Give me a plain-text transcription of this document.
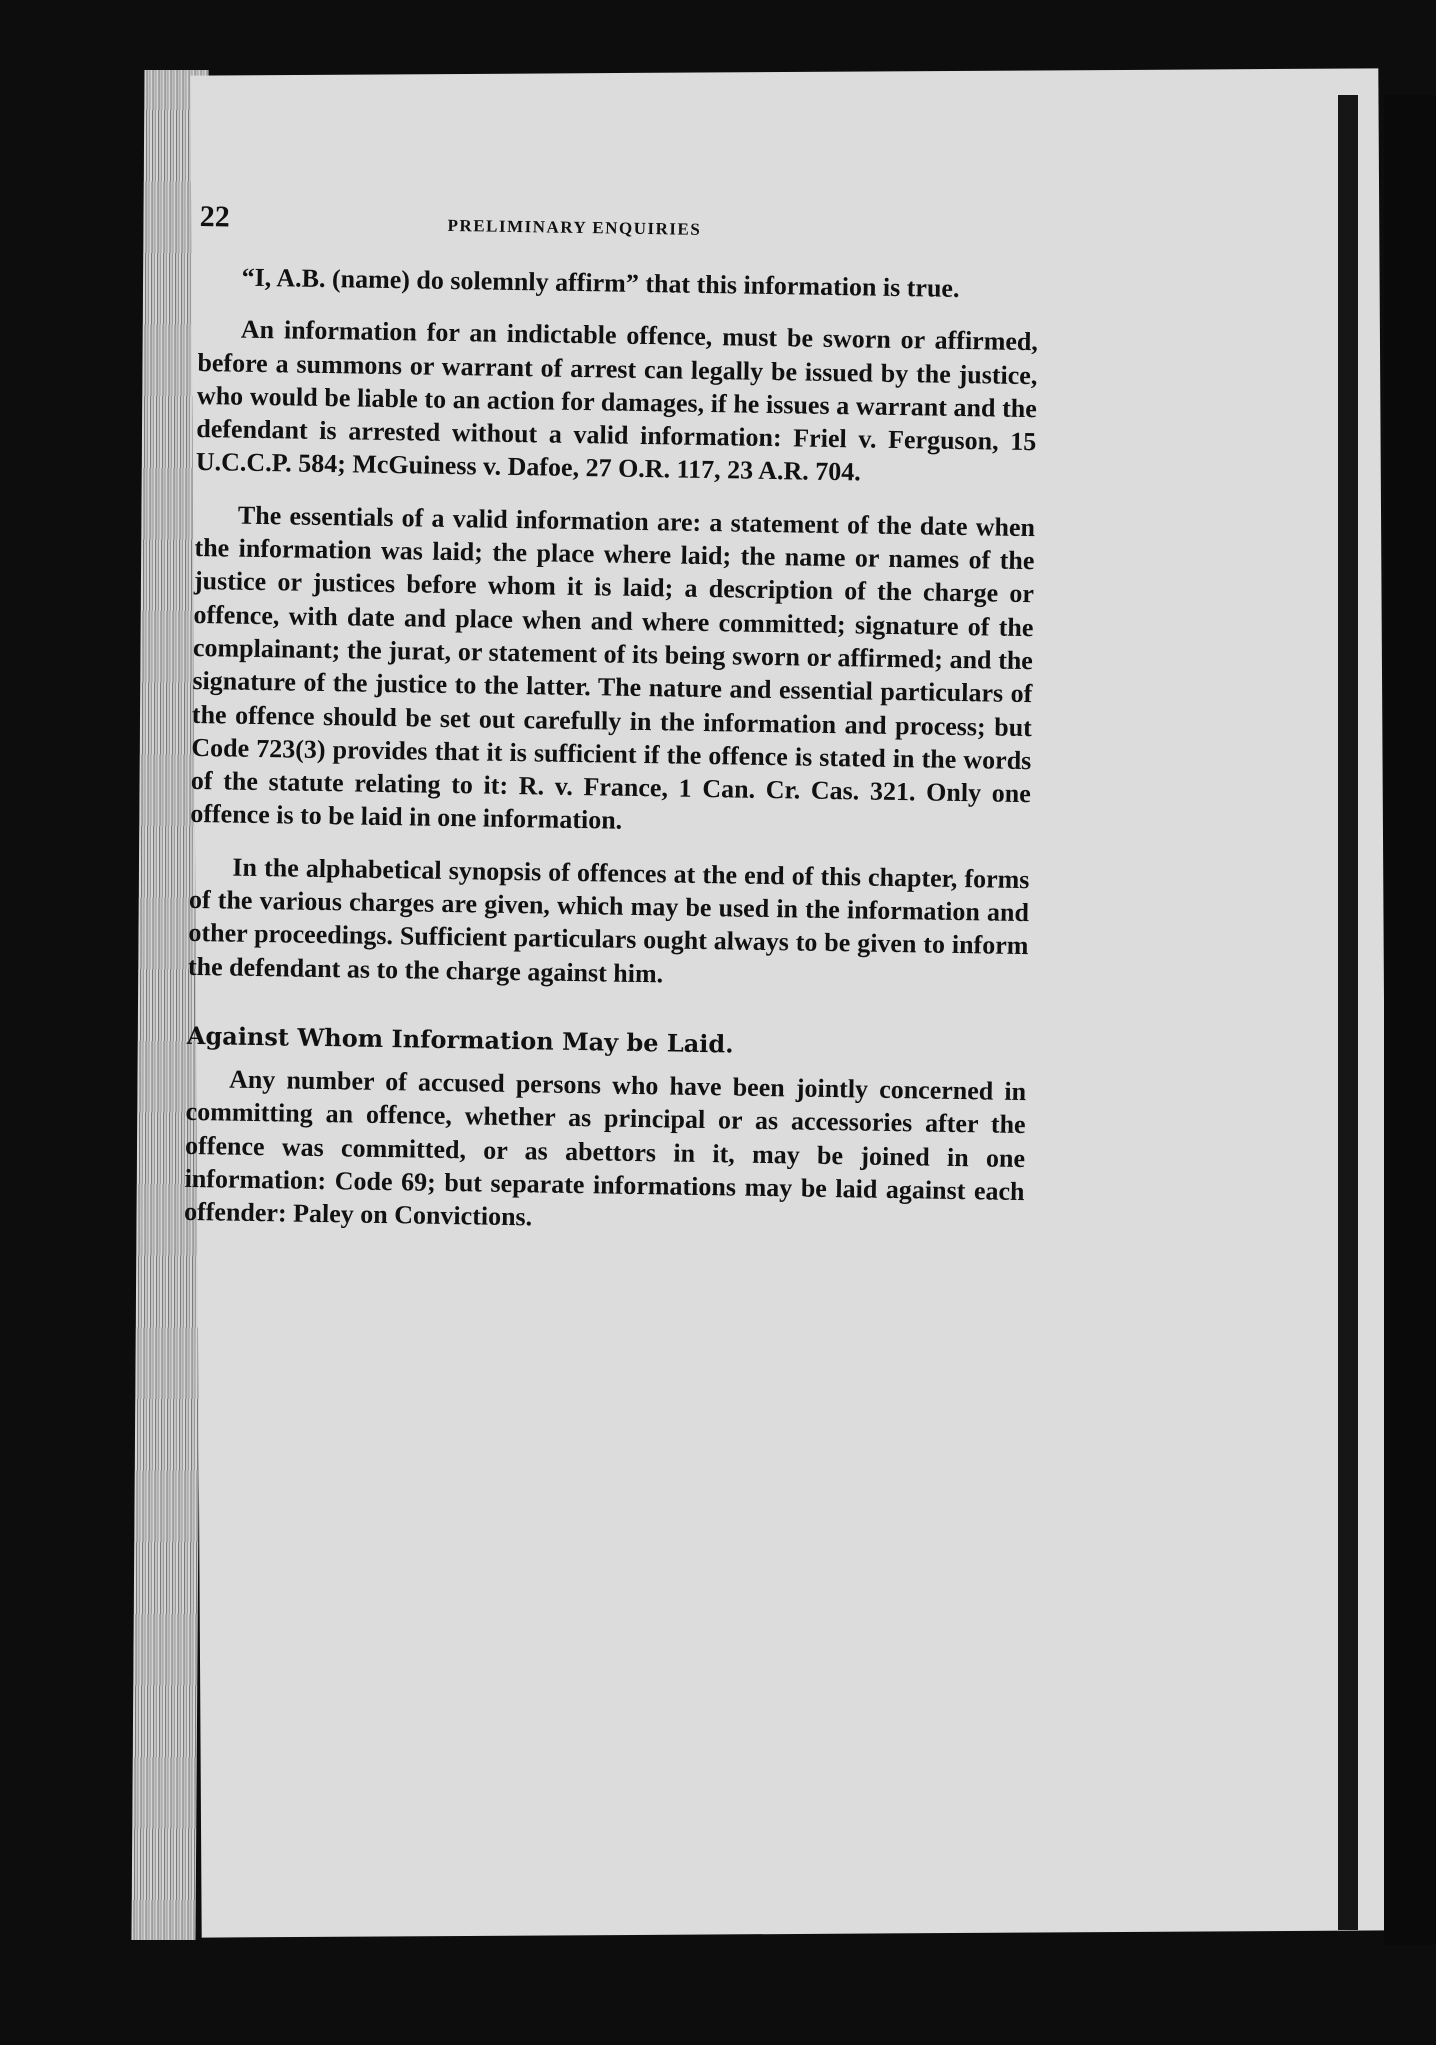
22	PRELIMINARY ENQUIRIES

“I, A.B. (name) do solemnly affirm” that this information is true.

An information for an indictable offence, must be sworn or affirmed, before a summons or warrant of arrest can legally be issued by the justice, who would be liable to an action for damages, if he issues a warrant and the defendant is arrested without a valid information: Friel v. Ferguson, 15 U.C.C.P. 584; McGuiness v. Dafoe, 27 O.R. 117, 23 A.R. 704.

The essentials of a valid information are: a statement of the date when the information was laid; the place where laid; the name or names of the justice or justices before whom it is laid; a description of the charge or offence, with date and place when and where committed; signature of the complainant; the jurat, or statement of its being sworn or affirmed; and the signature of the justice to the latter. The nature and essential particulars of the offence should be set out carefully in the information and process; but Code 723(3) provides that it is sufficient if the offence is stated in the words of the statute relating to it: R. v. France, 1 Can. Cr. Cas. 321. Only one offence is to be laid in one information.

In the alphabetical synopsis of offences at the end of this chapter, forms of the various charges are given, which may be used in the information and other proceedings. Sufficient particulars ought always to be given to inform the defendant as to the charge against him.

Against Whom Information May be Laid.

Any number of accused persons who have been jointly concerned in committing an offence, whether as principal or as accessories after the offence was committed, or as abettors in it, may be joined in one information: Code 69; but separate informations may be laid against each offender: Paley on Convictions.
